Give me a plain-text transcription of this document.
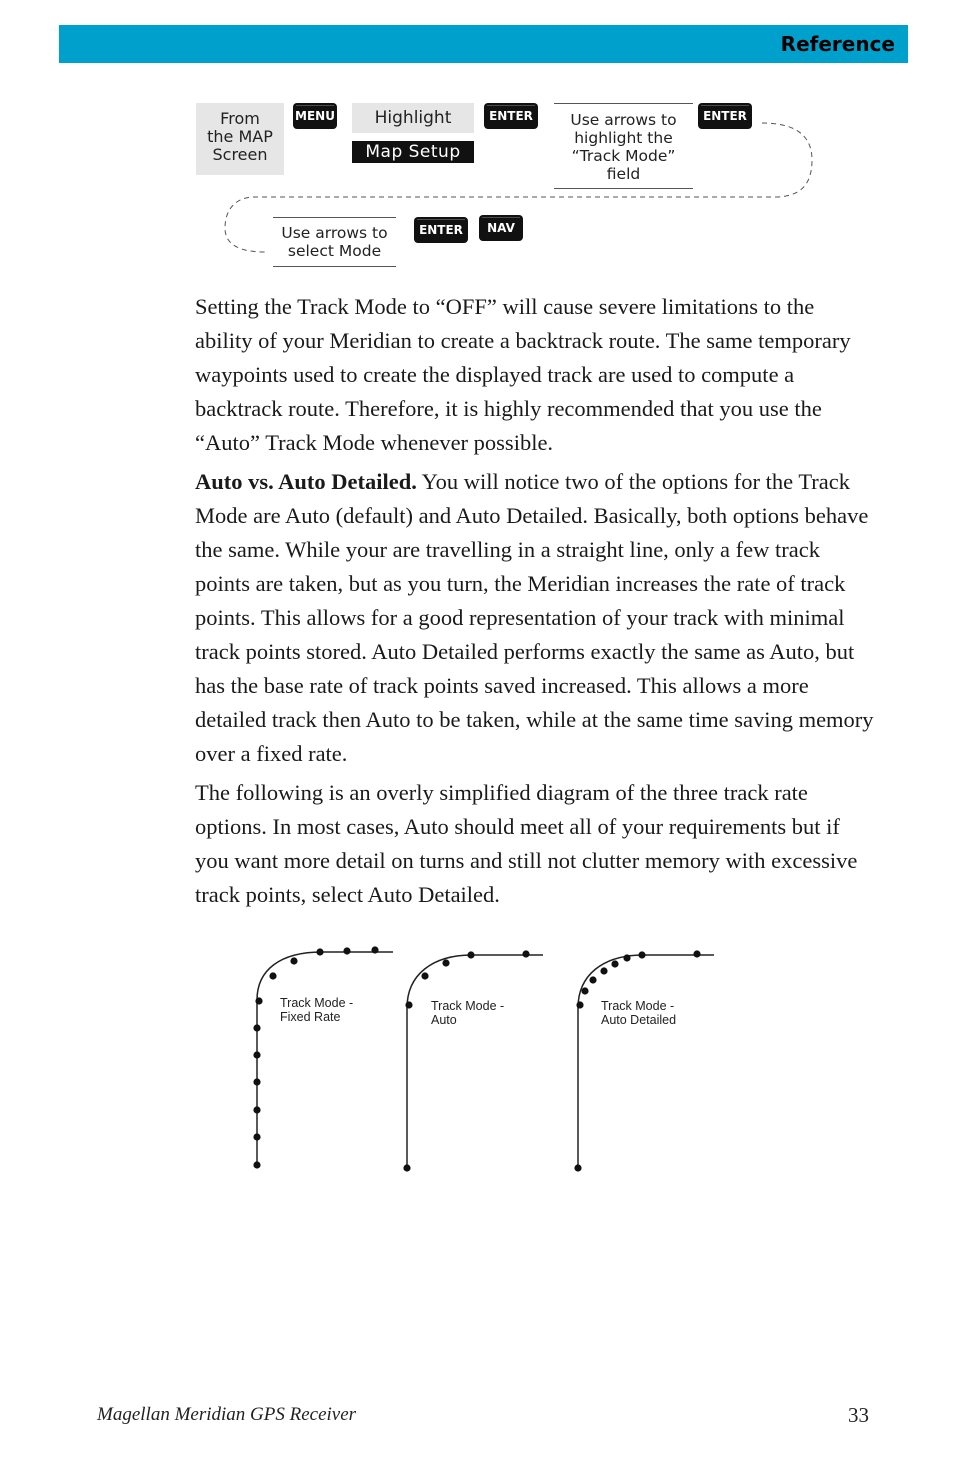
Reference
From
the MAP
Screen
MENU	Highlight
Map Setup
ENTER	Use arrows to
highlight the
“Track Mode” field
ENTER
Use arrows to
select Mode
ENTER	NAV

Setting the Track Mode to “OFF” will cause severe limitations to the ability of your Meridian to create a backtrack route. The same temporary waypoints used to create the displayed track are used to compute a backtrack route. Therefore, it is highly recommended that you use the “Auto” Track Mode whenever possible.

Auto vs. Auto Detailed. You will notice two of the options for the Track Mode are Auto (default) and Auto Detailed. Basically, both options behave the same. While your are travelling in a straight line, only a few track points are taken, but as you turn, the Meridian increases the rate of track points. This allows for a good representation of your track with minimal track points stored. Auto Detailed performs exactly the same as Auto, but has the base rate of track points saved increased. This allows a more detailed track then Auto to be taken, while at the same time saving memory over a fixed rate.

The following is an overly simplified diagram of the three track rate options. In most cases, Auto should meet all of your requirements but if you want more detail on turns and still not clutter memory with excessive track points, select Auto Detailed.

Track Mode -
Fixed Rate
Track Mode -
Auto
Track Mode -
Auto Detailed
Magellan Meridian GPS Receiver	33
